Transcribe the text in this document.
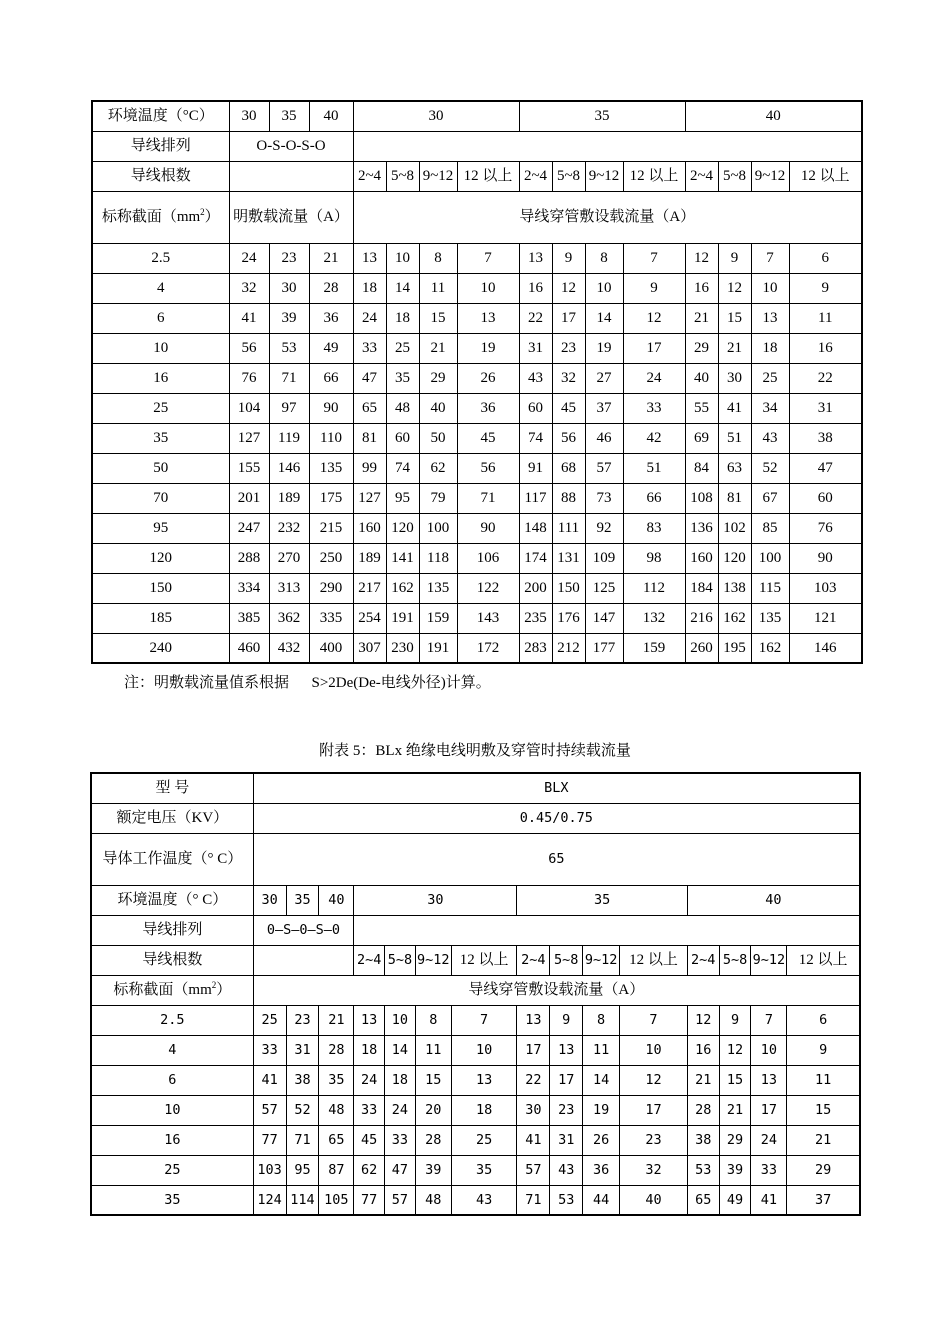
环境温度（°C）	30	35	40	30				35				40			
导线排列	O-S-O-S-O														
导线根数				2~4	5~8	9~12	12 以上	2~4	5~8	9~12	12 以上	2~4	5~8	9~12	12 以上
标称截面$(mm^2)$	明敷载流量（A）			导线穿管敷设载流量（A）											
2.5	24	23	21	13	10	8	7	13	9	8	7	12	9	7	6
4	32	30	28	18	14	11	10	16	12	10	9	16	12	10	9
6	41	39	36	24	18	15	13	22	17	14	12	21	15	13	11
10	56	53	49	33	25	21	19	31	23	19	17	29	21	18	16
16	76	71	66	47	35	29	26	43	32	27	24	40	30	25	22
25	104	97	90	65	48	40	36	60	45	37	33	55	41	34	31
35	127	119	110	81	60	50	45	74	56	46	42	69	51	43	38
50	155	146	135	99	74	62	56	91	68	57	51	84	63	52	47
70	201	189	175	127	95	79	71	117	88	73	66	108	81	67	60
95	247	232	215	160	120	100	90	148	111	92	83	136	102	85	76
120	288	270	250	189	141	118	106	174	131	109	98	160	120	100	90
150	334	313	290	217	162	135	122	200	150	125	112	184	138	115	103
185	385	362	335	254	191	159	143	235	176	147	132	216	162	135	121
240	460	432	400	307	230	191	172	283	212	177	159	260	195	162	146
注：明敷载流量值系根据      S>2De(De-电线外径)计算。
附表 5：BLx 绝缘电线明敷及穿管时持续载流量
型 号	BLX														
额定电压（KV）	0.45/0.75														
导体工作温度（° C）	65														
环境温度（° C）	30	35	40	30				35				40			
导线排列	0—S—0—S—0														
导线根数				2~4	5~8	9~12	12 以上	2~4	5~8	9~12	12 以上	2~4	5~8	9~12	12 以上
标称截面$(mm^2)$	导线穿管敷设载流量（A）														
2.5	25	23	21	13	10	8	7	13	9	8	7	12	9	7	6
4	33	31	28	18	14	11	10	17	13	11	10	16	12	10	9
6	41	38	35	24	18	15	13	22	17	14	12	21	15	13	11
10	57	52	48	33	24	20	18	30	23	19	17	28	21	17	15
16	77	71	65	45	33	28	25	41	31	26	23	38	29	24	21
25	103	95	87	62	47	39	35	57	43	36	32	53	39	33	29
35	124	114	105	77	57	48	43	71	53	44	40	65	49	41	37
